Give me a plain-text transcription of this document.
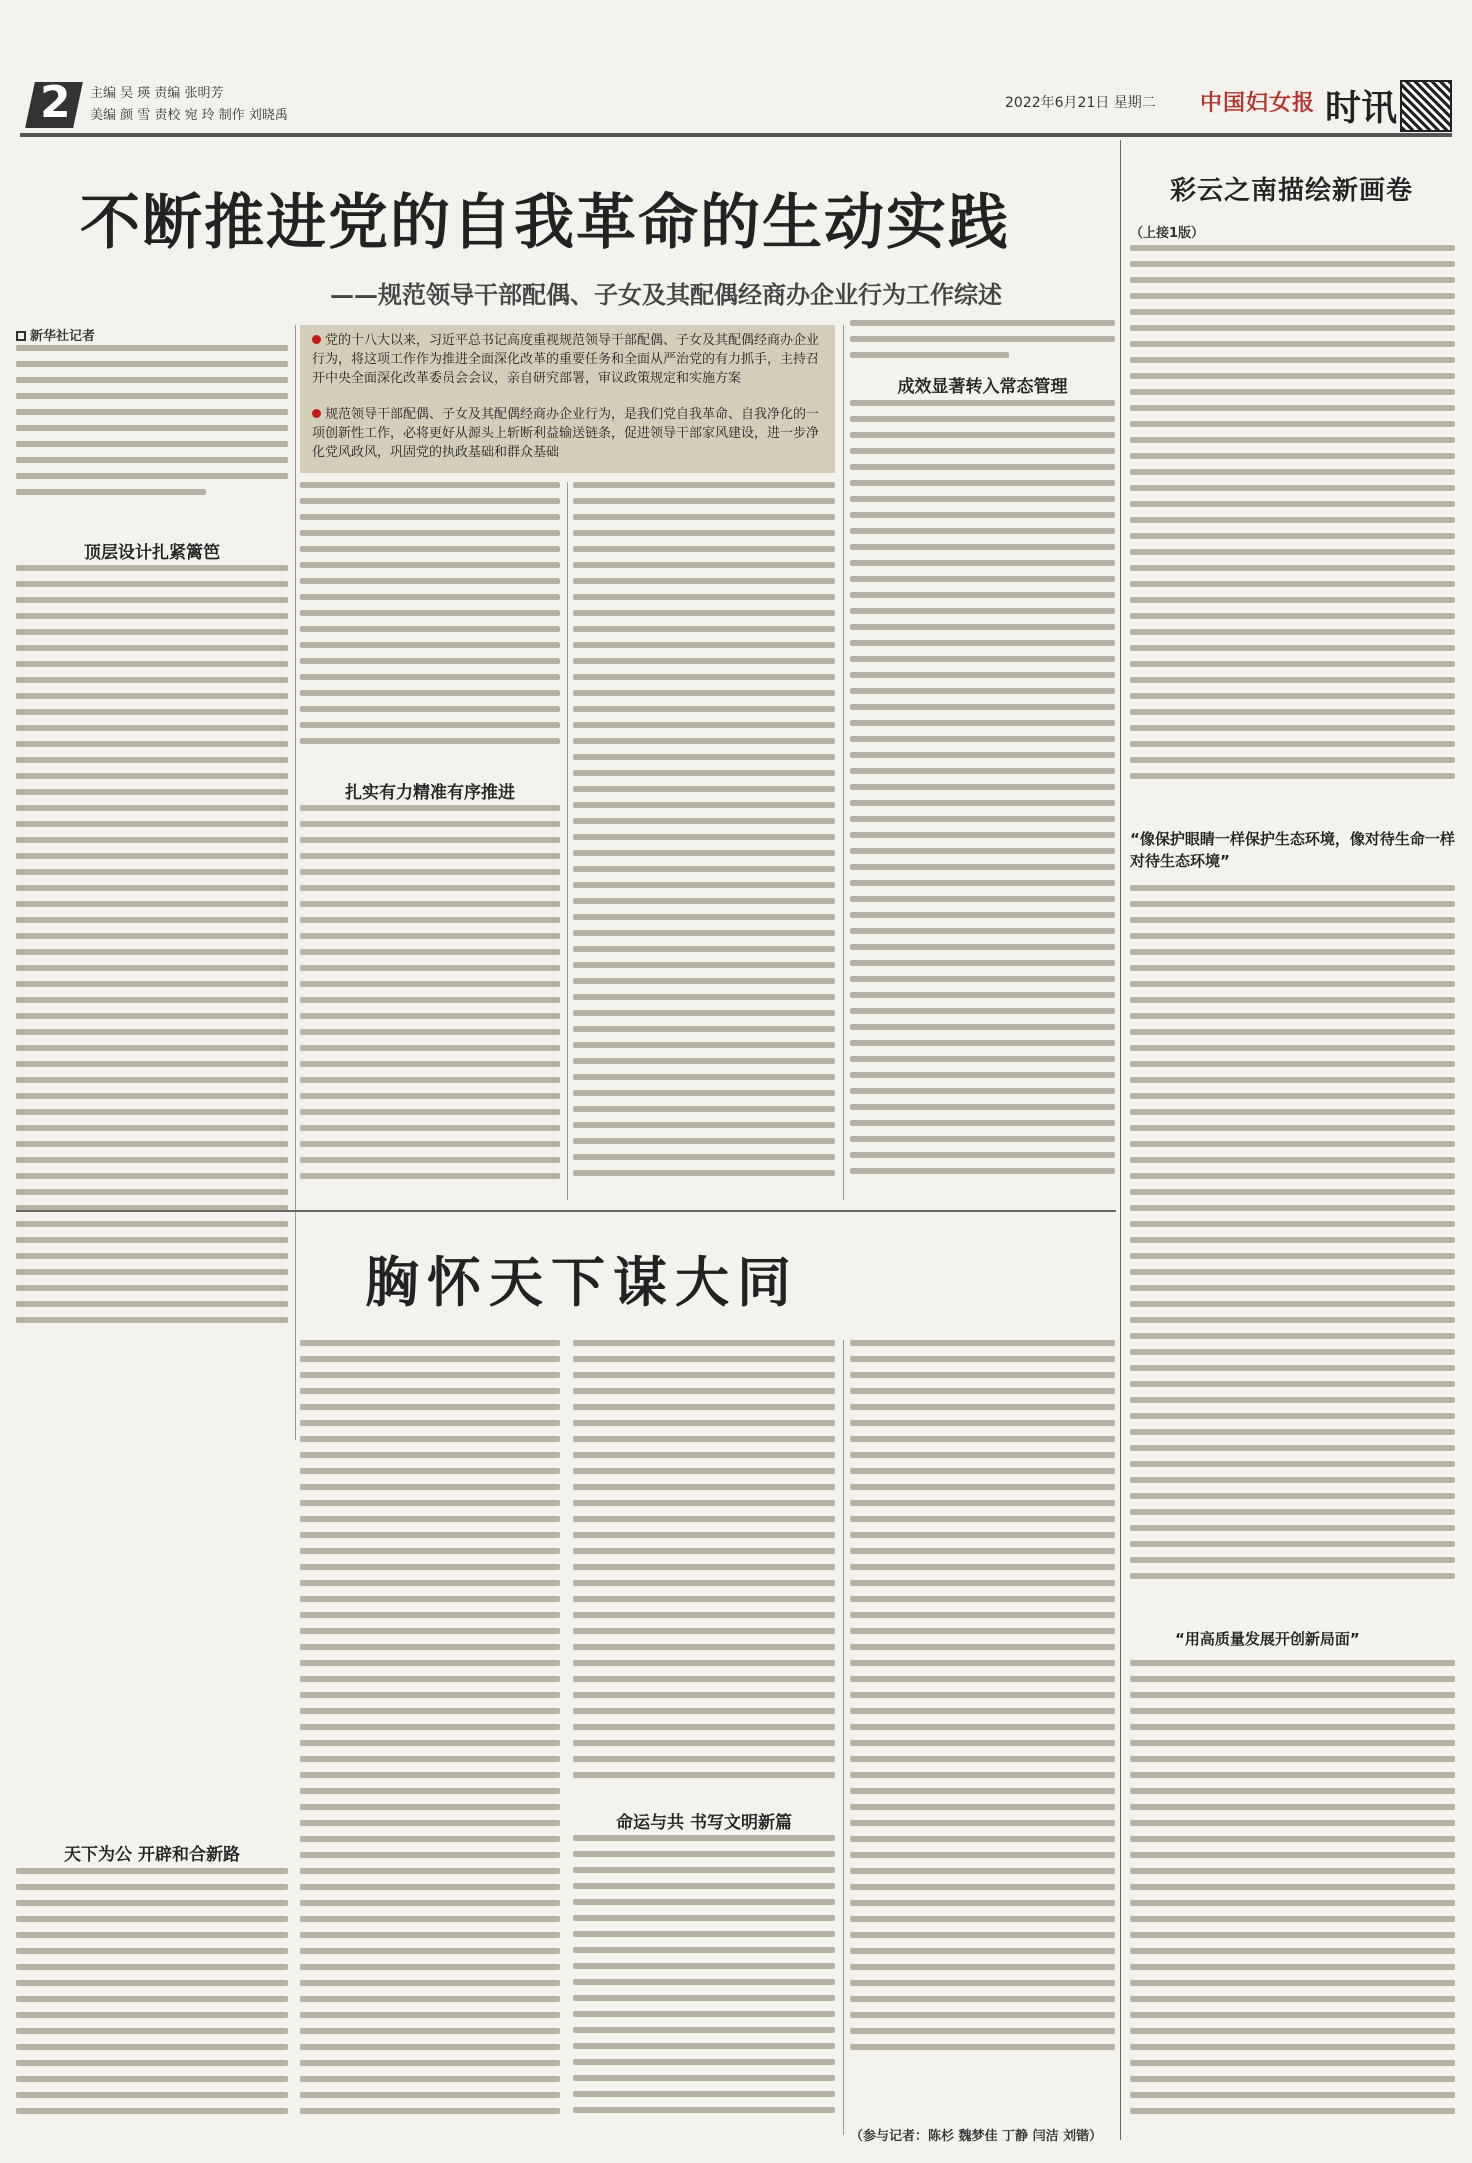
2 主编 吴 瑛 责编 张明芳
美编 颜 雪 责校 宛 玲 制作 刘晓禹
2022年6月21日 星期二 中国妇女报 时讯
不断推进党的自我革命的生动实践
——规范领导干部配偶、子女及其配偶经商办企业行为工作综述
新华社记者	党的十八大以来，习近平总书记高度重视规范领导干部配偶、子女及其配偶经商办企业行为，将这项工作作为推进全面深化改革的重要任务和全面从严治党的有力抓手，主持召开中央全面深化改革委员会会议，亲自研究部署，审议政策规定和实施方案
规范领导干部配偶、子女及其配偶经商办企业行为，是我们党自我革命、自我净化的一项创新性工作，必将更好从源头上斩断利益输送链条，促进领导干部家风建设，进一步净化党风政风，巩固党的执政基础和群众基础
顶层设计扎紧篱笆
扎实有力精准有序推进
成效显著转入常态管理
胸怀天下谋大同
命运与共 书写文明新篇
（参与记者：陈杉 魏梦佳 丁静 闫洁 刘锴）
天下为公 开辟和合新路
彩云之南描绘新画卷
（上接1版）
“像保护眼睛一样保护生态环境，像对待生命一样对待生态环境”
“用高质量发展开创新局面”
